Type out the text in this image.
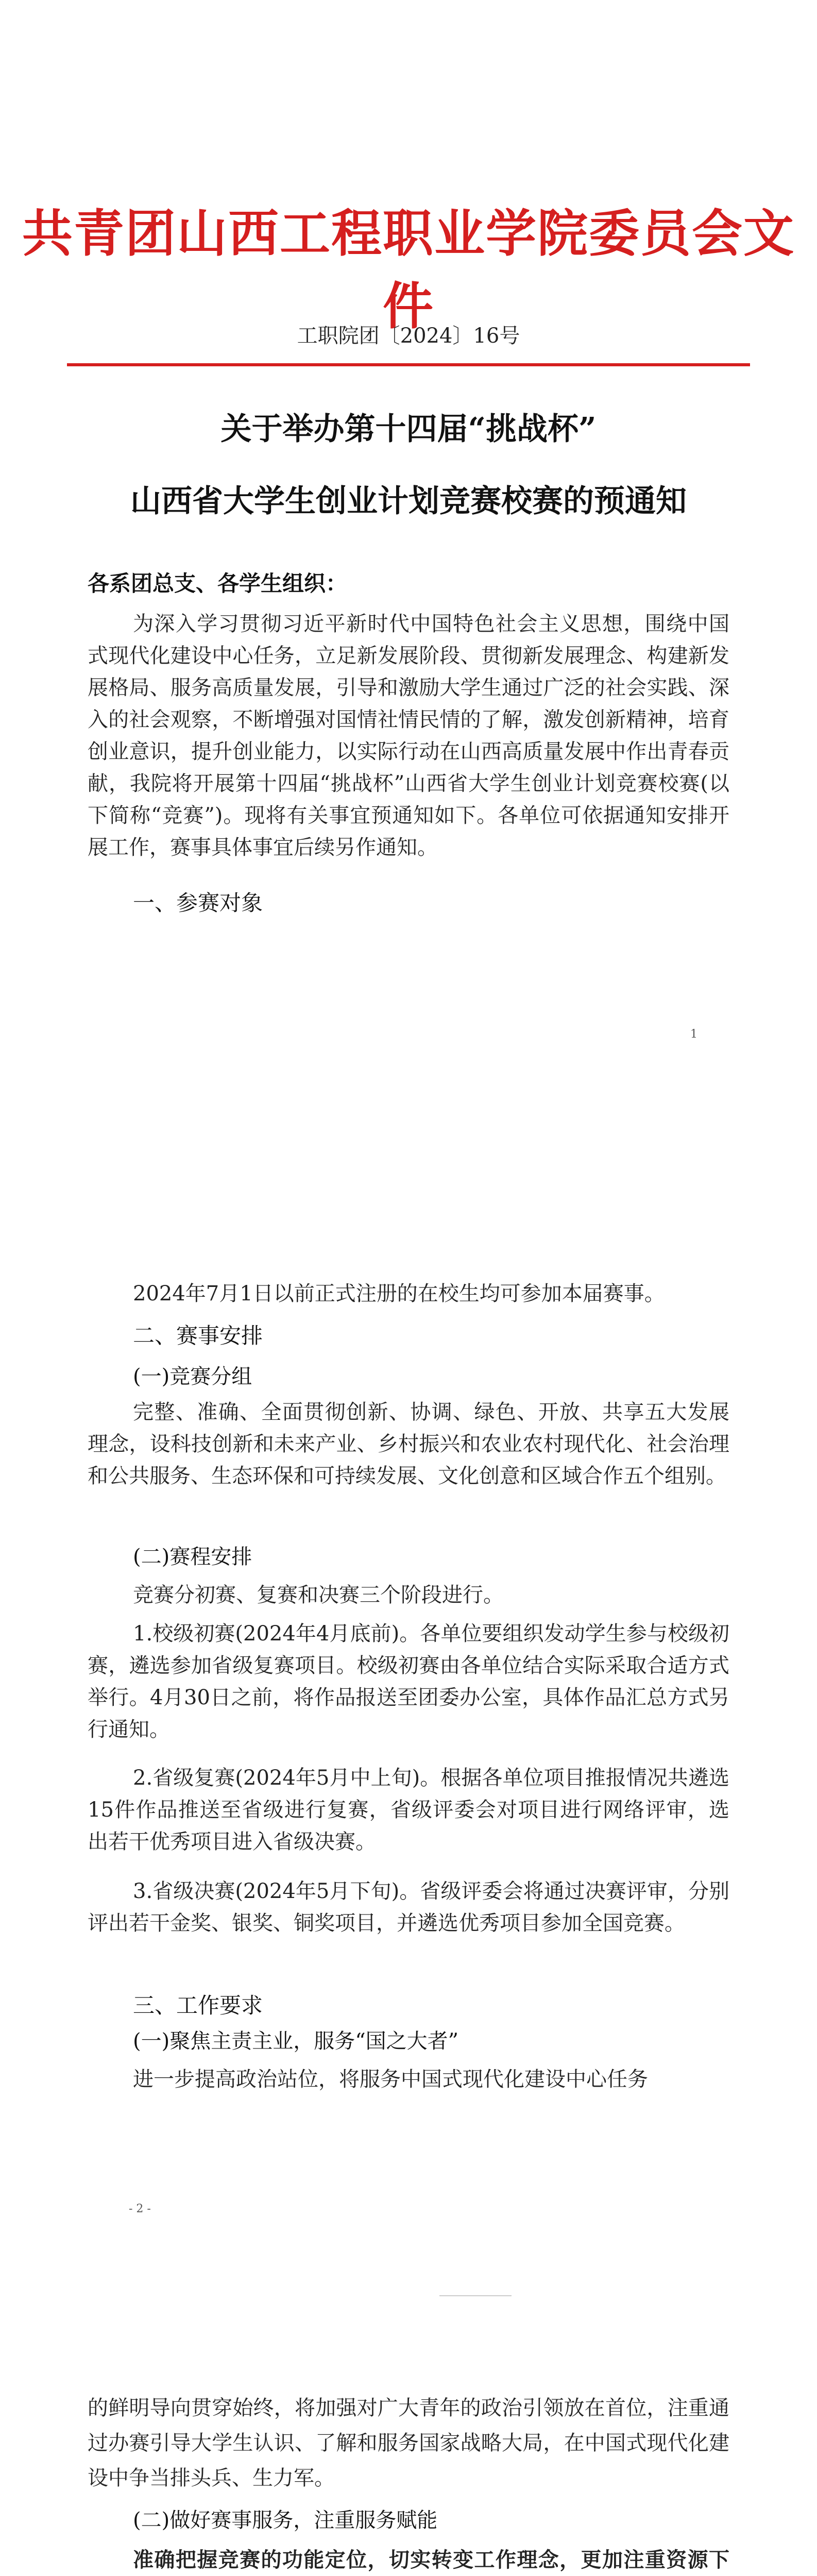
共青团山西工程职业学院委员会文件
工职院团〔2024〕16号
关于举办第十四届“挑战杯”
山西省大学生创业计划竞赛校赛的预通知
各系团总支、各学生组织：
为深入学习贯彻习近平新时代中国特色社会主义思想，围绕中国式现代化建设中心任务，立足新发展阶段、贯彻新发展理念、构建新发展格局、服务高质量发展，引导和激励大学生通过广泛的社会实践、深入的社会观察，不断增强对国情社情民情的了解，激发创新精神，培育创业意识，提升创业能力，以实际行动在山西高质量发展中作出青春贡献，我院将开展第十四届“挑战杯”山西省大学生创业计划竞赛校赛(以下简称“竞赛”)。现将有关事宜预通知如下。各单位可依据通知安排开展工作，赛事具体事宜后续另作通知。
一、参赛对象
1
2024年7月1日以前正式注册的在校生均可参加本届赛事。
二、赛事安排
(一)竞赛分组
完整、准确、全面贯彻创新、协调、绿色、开放、共享五大发展理念，设科技创新和未来产业、乡村振兴和农业农村现代化、社会治理和公共服务、生态环保和可持续发展、文化创意和区域合作五个组别。
(二)赛程安排
竞赛分初赛、复赛和决赛三个阶段进行。
1.校级初赛(2024年4月底前)。各单位要组织发动学生参与校级初赛，遴选参加省级复赛项目。校级初赛由各单位结合实际采取合适方式举行。4月30日之前，将作品报送至团委办公室，具体作品汇总方式另行通知。
2.省级复赛(2024年5月中上旬)。根据各单位项目推报情况共遴选15件作品推送至省级进行复赛，省级评委会对项目进行网络评审，选出若干优秀项目进入省级决赛。
3.省级决赛(2024年5月下旬)。省级评委会将通过决赛评审，分别评出若干金奖、银奖、铜奖项目，并遴选优秀项目参加全国竞赛。
三、工作要求
(一)聚焦主责主业，服务“国之大者”
进一步提高政治站位，将服务中国式现代化建设中心任务
- 2 -
的鲜明导向贯穿始终，将加强对广大青年的政治引领放在首位，注重通过办赛引导大学生认识、了解和服务国家战略大局，在中国式现代化建设中争当排头兵、生力军。
(二)做好赛事服务，注重服务赋能
准确把握竞赛的功能定位，切实转变工作理念，更加注重资源下
